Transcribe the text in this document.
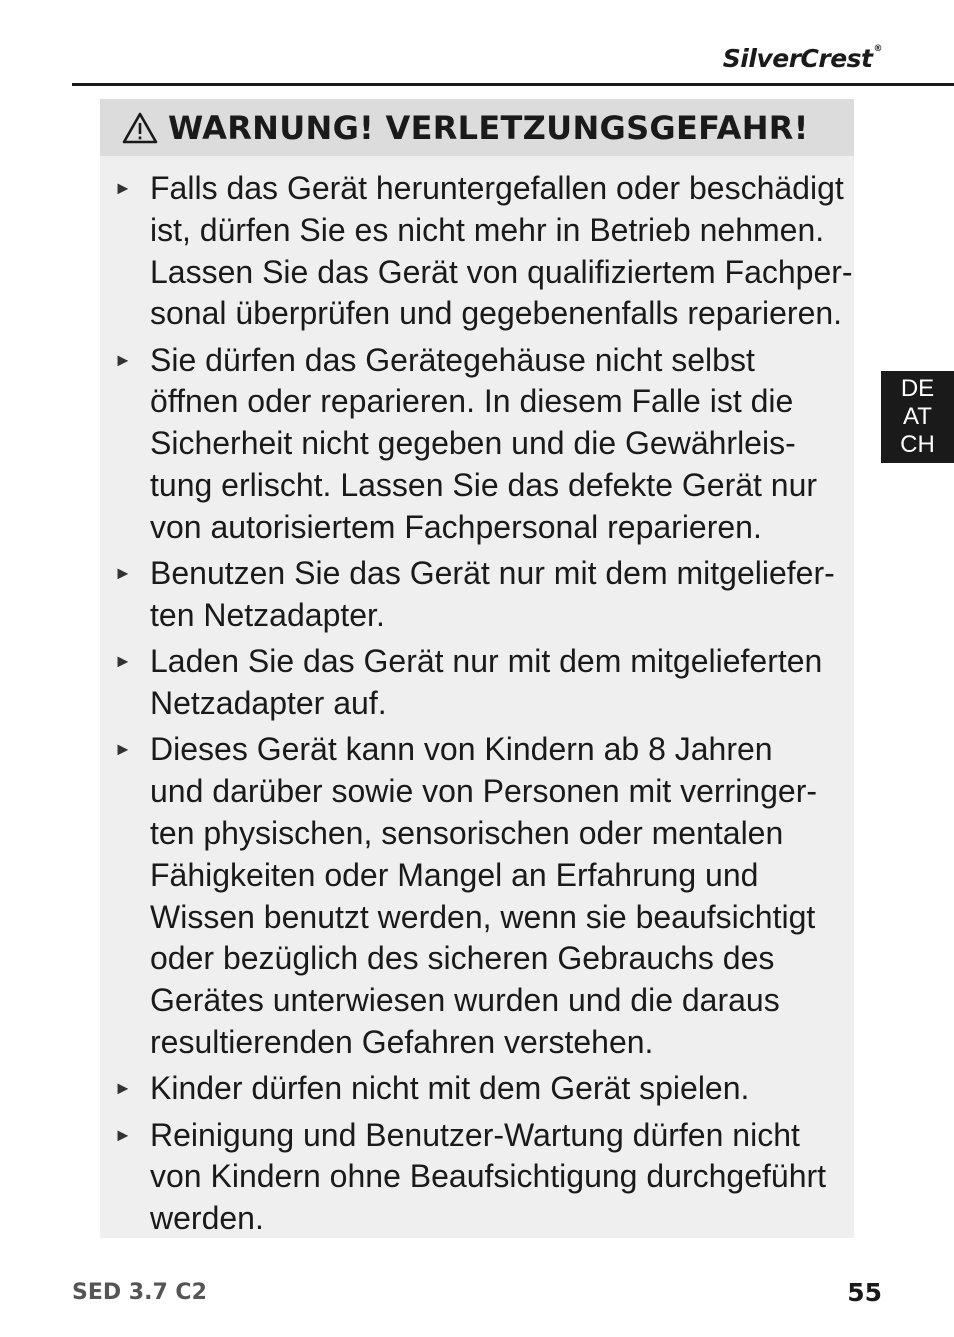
SilverCrest®
WARNUNG! VERLETZUNGSGEFAHR!
► Falls das Gerät heruntergefallen oder beschädigt
ist, dürfen Sie es nicht mehr in Betrieb nehmen.
Lassen Sie das Gerät von qualifiziertem Fachper-
sonal überprüfen und gegebenenfalls reparieren.
► Sie dürfen das Gerätegehäuse nicht selbst
öffnen oder reparieren. In diesem Falle ist die
Sicherheit nicht gegeben und die Gewährleis-
tung erlischt. Lassen Sie das defekte Gerät nur
von autorisiertem Fachpersonal reparieren.
► Benutzen Sie das Gerät nur mit dem mitgeliefer-
ten Netzadapter.
► Laden Sie das Gerät nur mit dem mitgelieferten
Netzadapter auf.
► Dieses Gerät kann von Kindern ab 8 Jahren
und darüber sowie von Personen mit verringer-
ten physischen, sensorischen oder mentalen
Fähigkeiten oder Mangel an Erfahrung und
Wissen benutzt werden, wenn sie beaufsichtigt
oder bezüglich des sicheren Gebrauchs des
Gerätes unterwiesen wurden und die daraus
resultierenden Gefahren verstehen.
► Kinder dürfen nicht mit dem Gerät spielen.
► Reinigung und Benutzer-Wartung dürfen nicht
von Kindern ohne Beaufsichtigung durchgeführt
werden.
DE
AT
CH
SED 3.7 C2	55
